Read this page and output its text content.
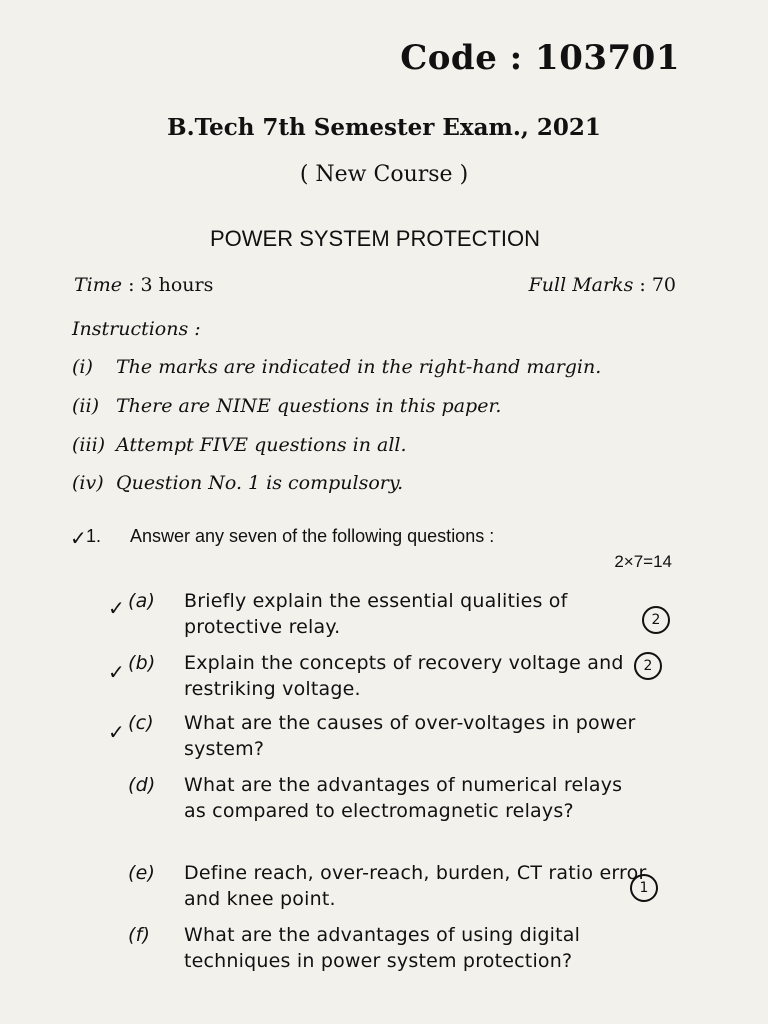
Code : 103701
B.Tech 7th Semester Exam., 2021
( New Course )
POWER SYSTEM PROTECTION
Time : 3 hours	Full Marks : 70
Instructions :
(i) The marks are indicated in the right-hand margin.
(ii) There are NINE questions in this paper.
(iii) Attempt FIVE questions in all.
(iv) Question No. 1 is compulsory.
1.
✓ Answer any seven of the following questions :
2×7=14
(a)	Briefly explain the essential qualities of protective relay.
✓	2
(b)	Explain the concepts of recovery voltage and restriking voltage.
✓	2
(c)	What are the causes of over-voltages in power system?
✓
(d)	What are the advantages of numerical relays as compared to electromagnetic relays?
(e)	Define reach, over-reach, burden, CT ratio error and knee point.	1
(f)	What are the advantages of using digital techniques in power system protection?
